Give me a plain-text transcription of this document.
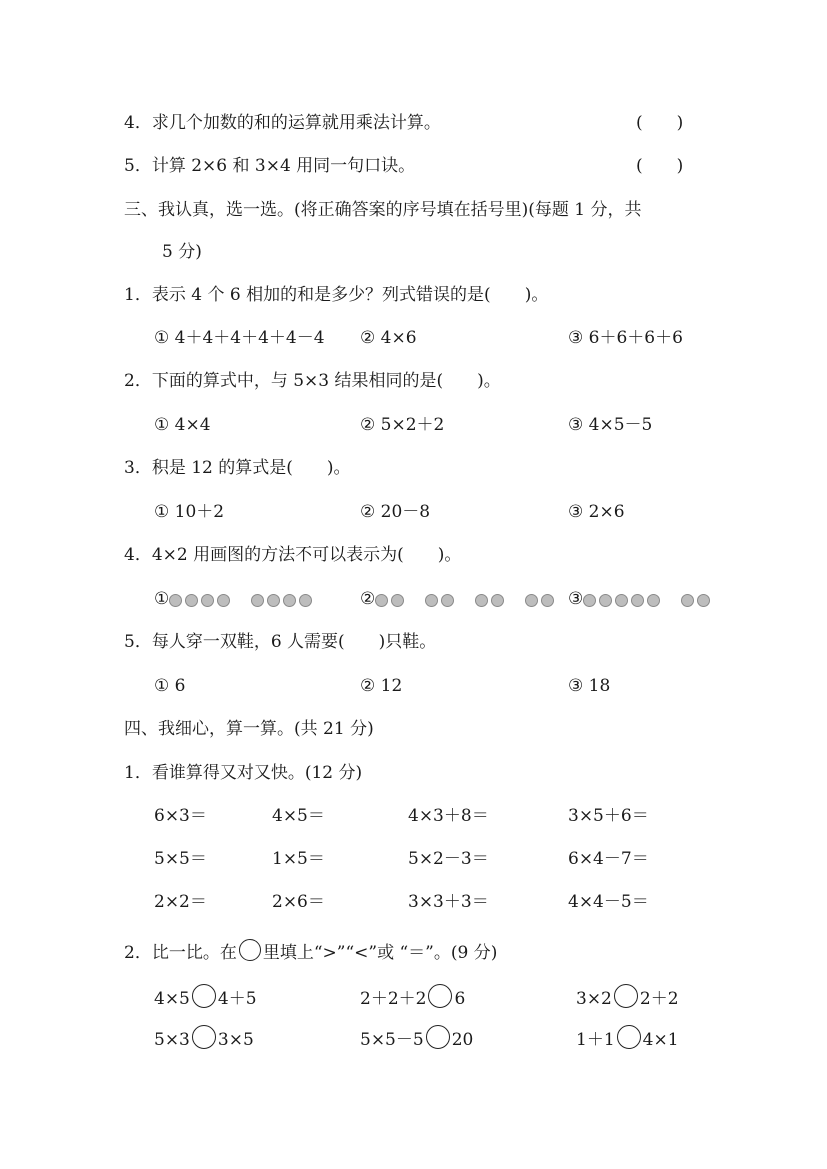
4．求几个加数的和的运算就用乘法计算。	(　　)
5．计算 2×6 和 3×4 用同一句口诀。	(　　)
三、我认真，选一选。(将正确答案的序号填在括号里)(每题 1 分，共
5 分)
1．表示 4 个 6 相加的和是多少？列式错误的是(　　)。
① 4＋4＋4＋4＋4－4 ② 4×6	③ 6＋6＋6＋6
2．下面的算式中，与 5×3 结果相同的是(　　)。
① 4×4	② 5×2＋2	③ 4×5－5
3．积是 12 的算式是(　　)。
① 10＋2	② 20－8	③ 2×6
4．4×2 用画图的方法不可以表示为(　　)。
①	②	③
5．每人穿一双鞋，6 人需要(　　)只鞋。
① 6	② 12	③ 18
四、我细心，算一算。(共 21 分)
1．看谁算得又对又快。(12 分)
6×3＝	4×5＝	4×3＋8＝	3×5＋6＝
5×5＝	1×5＝	5×2－3＝	6×4－7＝
2×2＝	2×6＝	3×3＋3＝	4×4－5＝
2．比一比。在 里填上“>”“<”或 “＝”。(9 分)
4×5 4＋5	2＋2＋2 6	3×2 2＋2
5×3 3×5	5×5－5 20	1＋1 4×1
